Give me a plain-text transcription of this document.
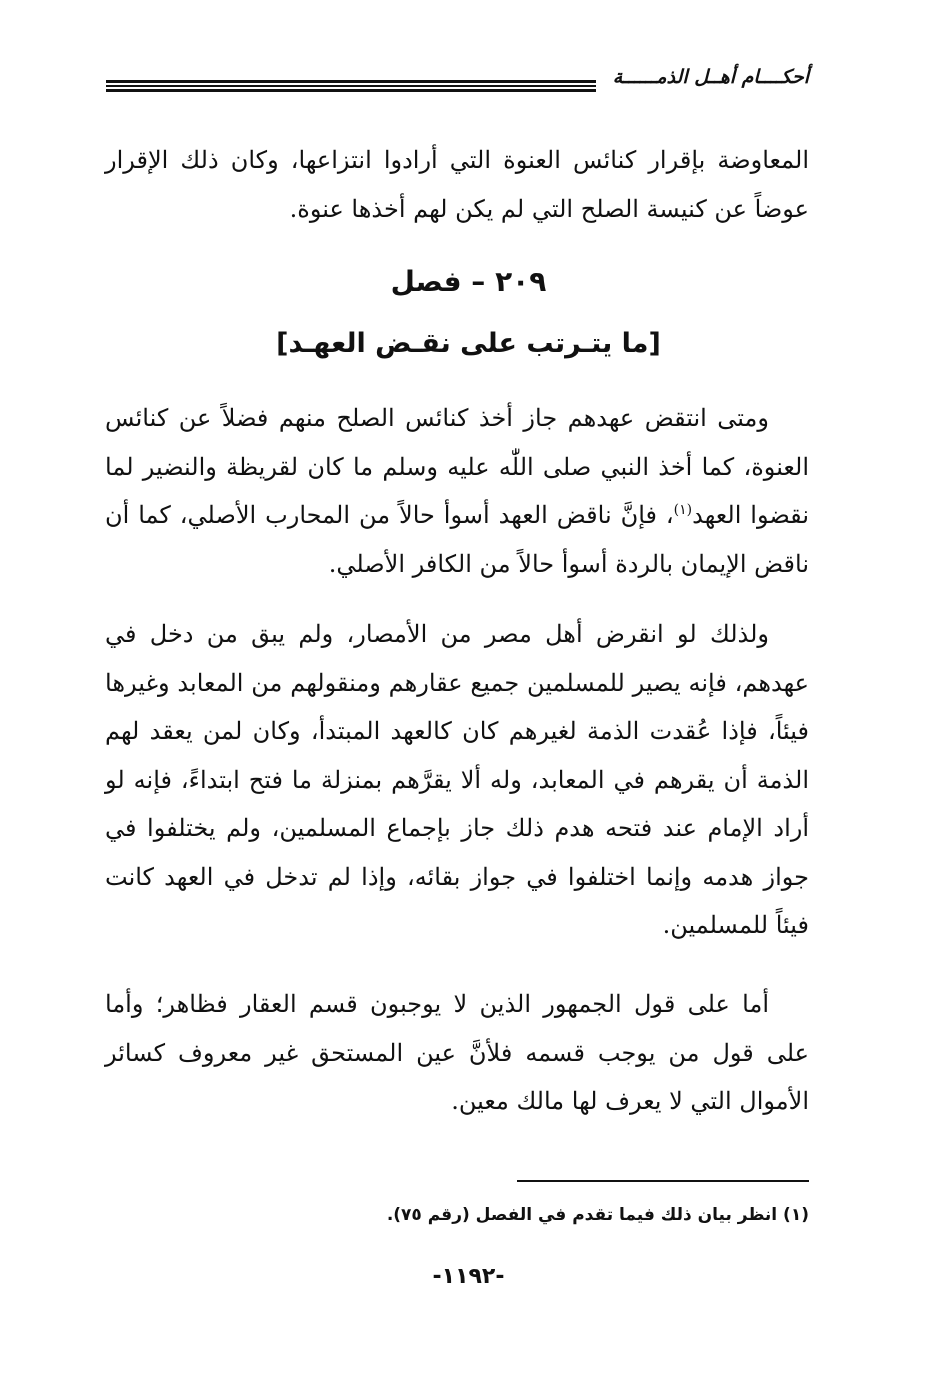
أحكــــام أهــل الذمــــــة

المعاوضة بإقرار كنائس العنوة التي أرادوا انتزاعها، وكان ذلك الإقرار عوضاً عن كنيسة الصلح التي لم يكن لهم أخذها عنوة.

٢٠٩ – فصل
[ما يتـرتب على نقـض العهـد]

ومتى انتقض عهدهم جاز أخذ كنائس الصلح منهم فضلاً عن كنائس العنوة، كما أخذ النبي صلى اللّٰه عليه وسلم ما كان لقريظة والنضير لما نقضوا العهد$^{(١)}$، فإنَّ ناقض العهد أسوأ حالاً من المحارب الأصلي، كما أن ناقض الإيمان بالردة أسوأ حالاً من الكافر الأصلي.

ولذلك لو انقرض أهل مصر من الأمصار، ولم يبق من دخل في عهدهم، فإنه يصير للمسلمين جميع عقارهم ومنقولهم من المعابد وغيرها فيئاً، فإذا عُقدت الذمة لغيرهم كان كالعهد المبتدأ، وكان لمن يعقد لهم الذمة أن يقرهم في المعابد، وله ألا يقرَّهم بمنزلة ما فتح ابتداءً، فإنه لو أراد الإمام عند فتحه هدم ذلك جاز بإجماع المسلمين، ولم يختلفوا في جواز هدمه وإنما اختلفوا في جواز بقائه، وإذا لم تدخل في العهد كانت فيئاً للمسلمين.

أما على قول الجمهور الذين لا يوجبون قسم العقار فظاهر؛ وأما على قول من يوجب قسمه فلأنَّ عين المستحق غير معروف كسائر الأموال التي لا يعرف لها مالك معين.

(١) انظر بيان ذلك فيما تقدم في الفصل (رقم ٧٥).
-١١٩٢-
